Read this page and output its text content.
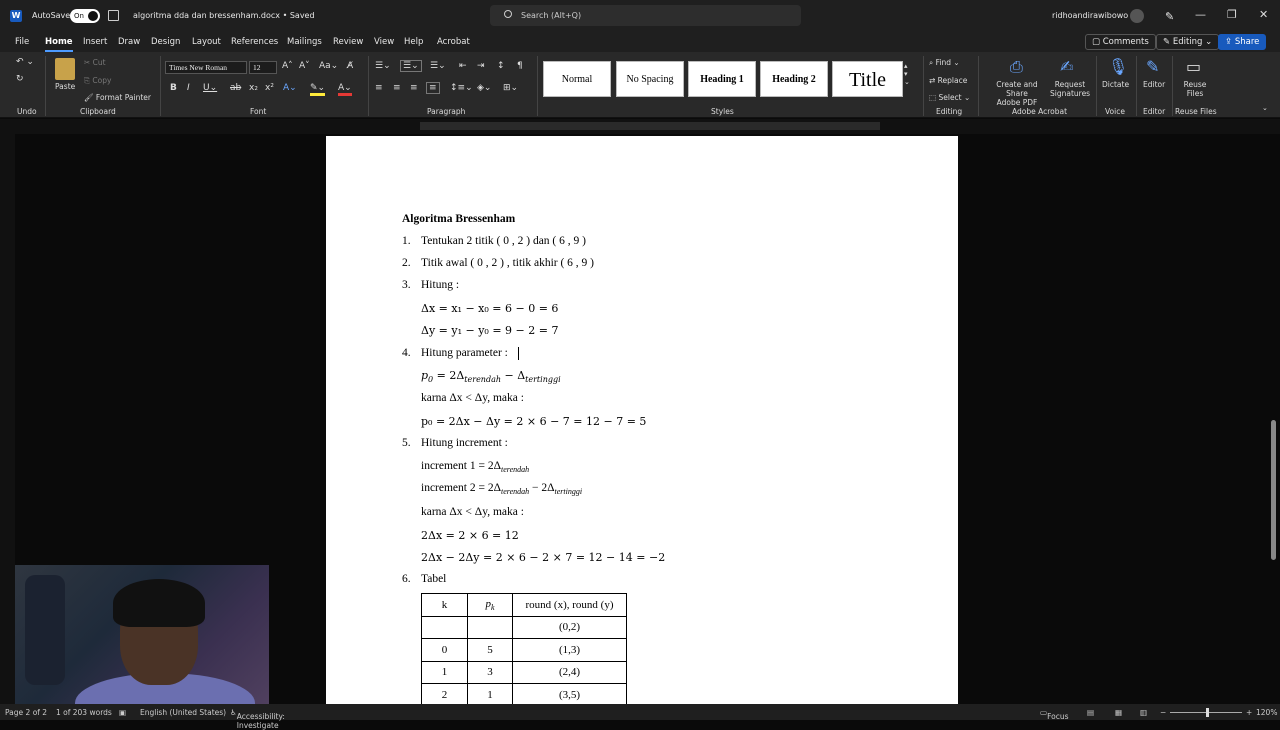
W AutoSave On	algoritma dda dan bressenham.docx • Saved	Search (Alt+Q)	ridhoandirawibowo	✎ — ❐ ✕
File Home Insert Draw Design Layout References Mailings Review View Help Acrobat	▢ Comments	✎ Editing ⌄	⇪ Share
↶ ⌄
↻
Undo
Paste
✂ Cut
⎘ Copy
🖌 Format Painter
Clipboard
Times New Roman	12	A˄ A˅ Aa⌄ A̸
B I U⌄ ab x₂ x² A⌄ ✎⌄ A⌄
Font
☰⌄	☰⌄	☰⌄ ⇤ ⇥ ↕ ¶
≡ ≡ ≡	≡	↕≡⌄ ◈⌄ ⊞⌄
Paragraph
Normal	No Spacing	Heading 1	Heading 2	Title
▴
▾
⌄
Styles
⌕ Find ⌄
⇄ Replace
⬚ Select ⌄
Editing
⎙
Create and Share
Adobe PDF
✍
Request
Signatures
Adobe Acrobat
🎙
Dictate
Voice
✎
Editor
Editor
▭
Reuse
Files
Reuse Files	⌄
Algoritma Bressenham
1. Tentukan 2 titik ( 0 , 2 ) dan ( 6 , 9 )
2. Titik awal ( 0 , 2 ) , titik akhir ( 6 , 9 )
3. Hitung :
Δx = x₁ − x₀ = 6 − 0 = 6
Δy = y₁ − y₀ = 9 − 2 = 7
4. Hitung parameter :
$p_0 = 2\Delta_{terendah} - \Delta_{tertinggi}$
karna Δx < Δy, maka :
p₀ = 2Δx − Δy = 2 × 6 − 7 = 12 − 7 = 5
5. Hitung increment :
increment $1 = 2\Delta_{terendah}$
increment $2 = 2\Delta_{terendah} - 2\Delta_{tertinggi}$
karna Δx < Δy, maka :
2Δx = 2 × 6 = 12
2Δx − 2Δy = 2 × 6 − 2 × 7 = 12 − 14 = −2
6. Tabel
k	$p_k$	round (x), round (y)
		(0,2)
0	5	(1,3)
1	3	(2,4)
2	1	(3,5)
Page 2 of 2 1 of 203 words ▣ English (United States) ♿ Accessibility: Investigate
▭ Focus ▤	▦ ▥ −	+ 120%
